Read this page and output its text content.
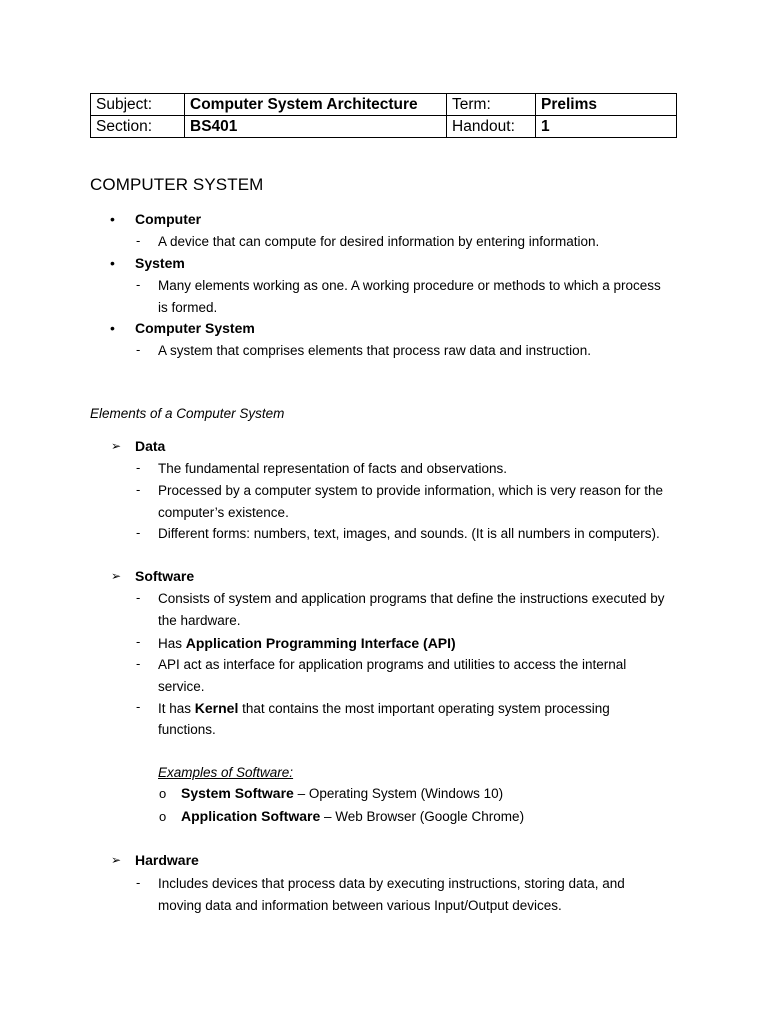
Subject:	Computer System Architecture	Term:	Prelims
Section:	BS401	Handout:	1
COMPUTER SYSTEM
• Computer
- A device that can compute for desired information by entering information.
• System
- Many elements working as one. A working procedure or methods to which a process
is formed.
• Computer System
- A system that comprises elements that process raw data and instruction.
Elements of a Computer System
➢ Data
- The fundamental representation of facts and observations.
- Processed by a computer system to provide information, which is very reason for the
computer’s existence.
- Different forms: numbers, text, images, and sounds. (It is all numbers in computers).
➢ Software
- Consists of system and application programs that define the instructions executed by
the hardware.
- Has Application Programming Interface (API)
- API act as interface for application programs and utilities to access the internal
service.
- It has Kernel that contains the most important operating system processing
functions.
Examples of Software:
o System Software – Operating System (Windows 10)
o Application Software – Web Browser (Google Chrome)
➢ Hardware
- Includes devices that process data by executing instructions, storing data, and
moving data and information between various Input/Output devices.
